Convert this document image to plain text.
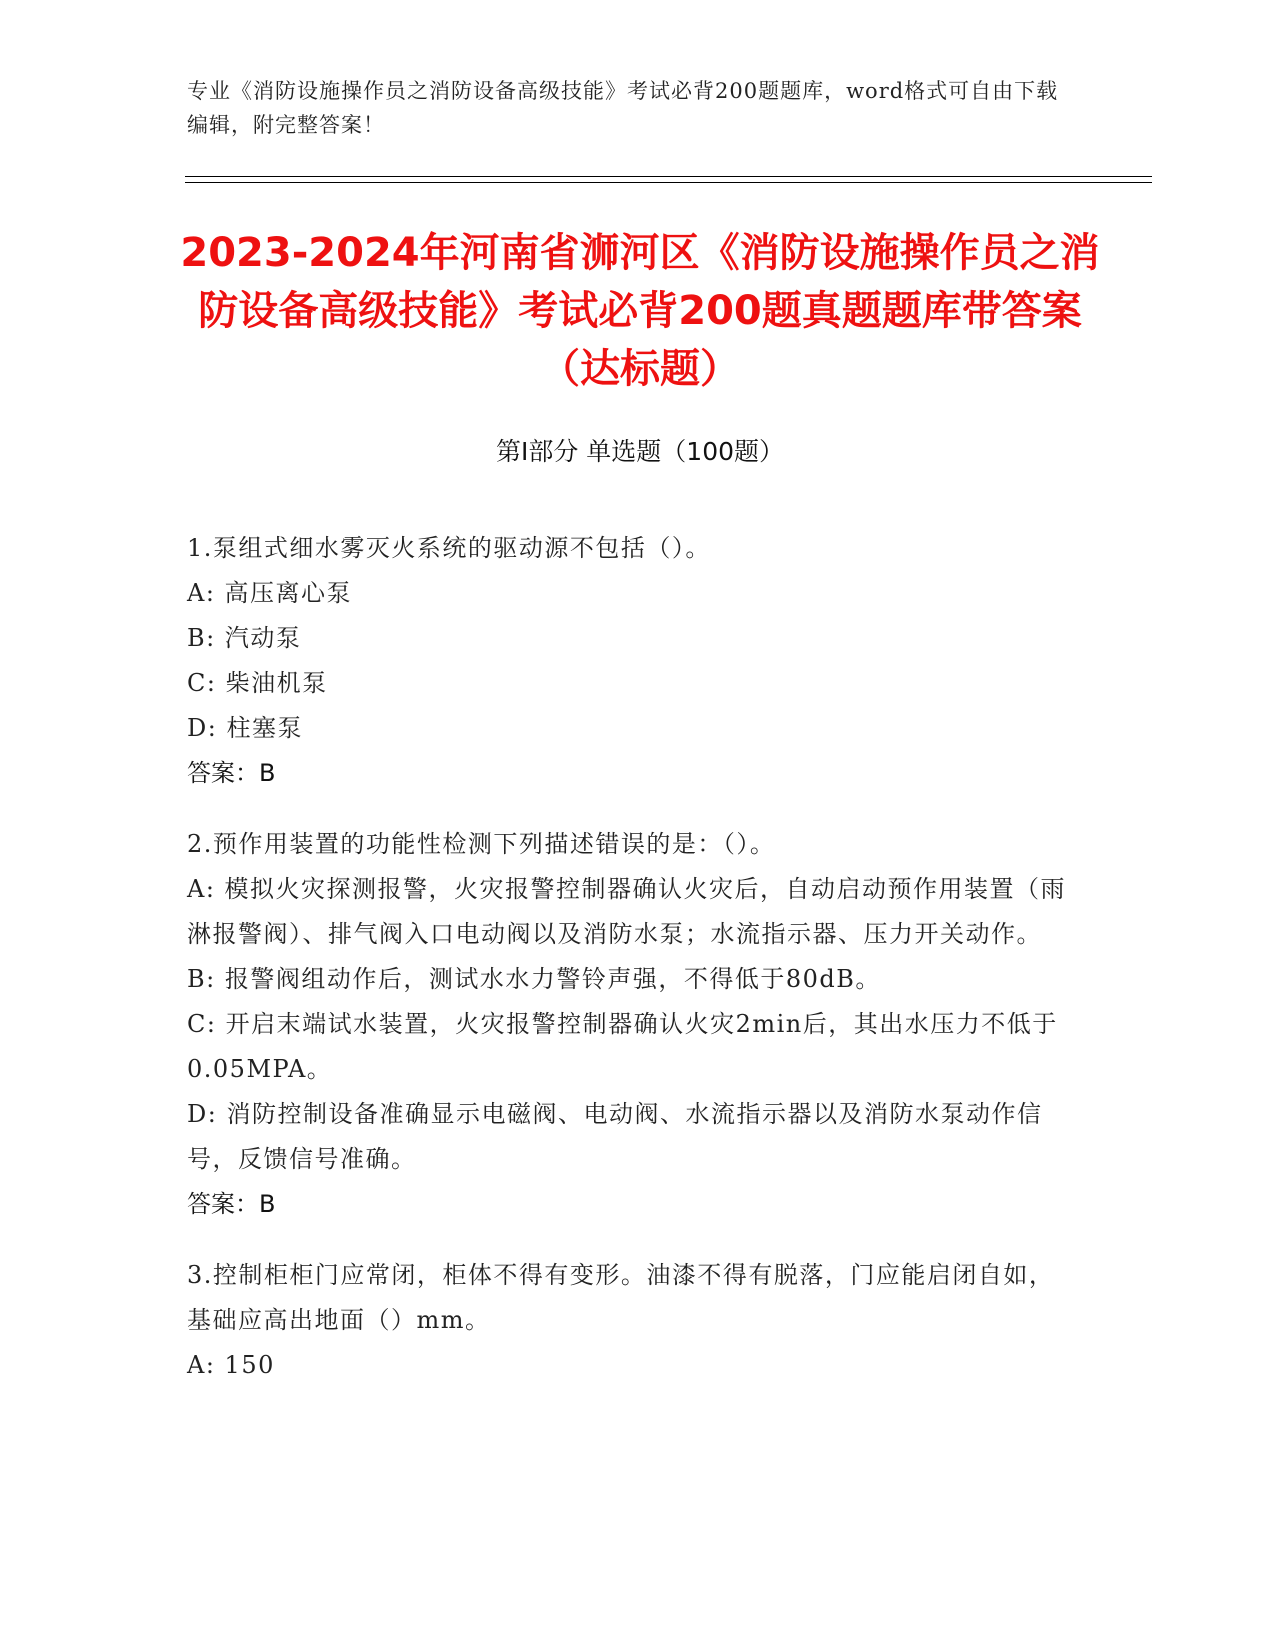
专业《消防设施操作员之消防设备高级技能》考试必背200题题库，word格式可自由下载编辑，附完整答案！
2023-2024年河南省浉河区《消防设施操作员之消防设备高级技能》考试必背200题真题题库带答案（达标题）
第Ⅰ部分 单选题（100题）

1.泵组式细水雾灭火系统的驱动源不包括（）。

A: 高压离心泵

B: 汽动泵

C: 柴油机泵

D: 柱塞泵

答案：B

2.预作用装置的功能性检测下列描述错误的是：（）。

A: 模拟火灾探测报警，火灾报警控制器确认火灾后，自动启动预作用装置（雨淋报警阀）、排气阀入口电动阀以及消防水泵；水流指示器、压力开关动作。

B: 报警阀组动作后，测试水水力警铃声强，不得低于80dB。

C: 开启末端试水装置，火灾报警控制器确认火灾2min后，其出水压力不低于0.05MPA。

D: 消防控制设备准确显示电磁阀、电动阀、水流指示器以及消防水泵动作信号，反馈信号准确。

答案：B

3.控制柜柜门应常闭，柜体不得有变形。油漆不得有脱落，门应能启闭自如，基础应高出地面（）mm。

A: 150
